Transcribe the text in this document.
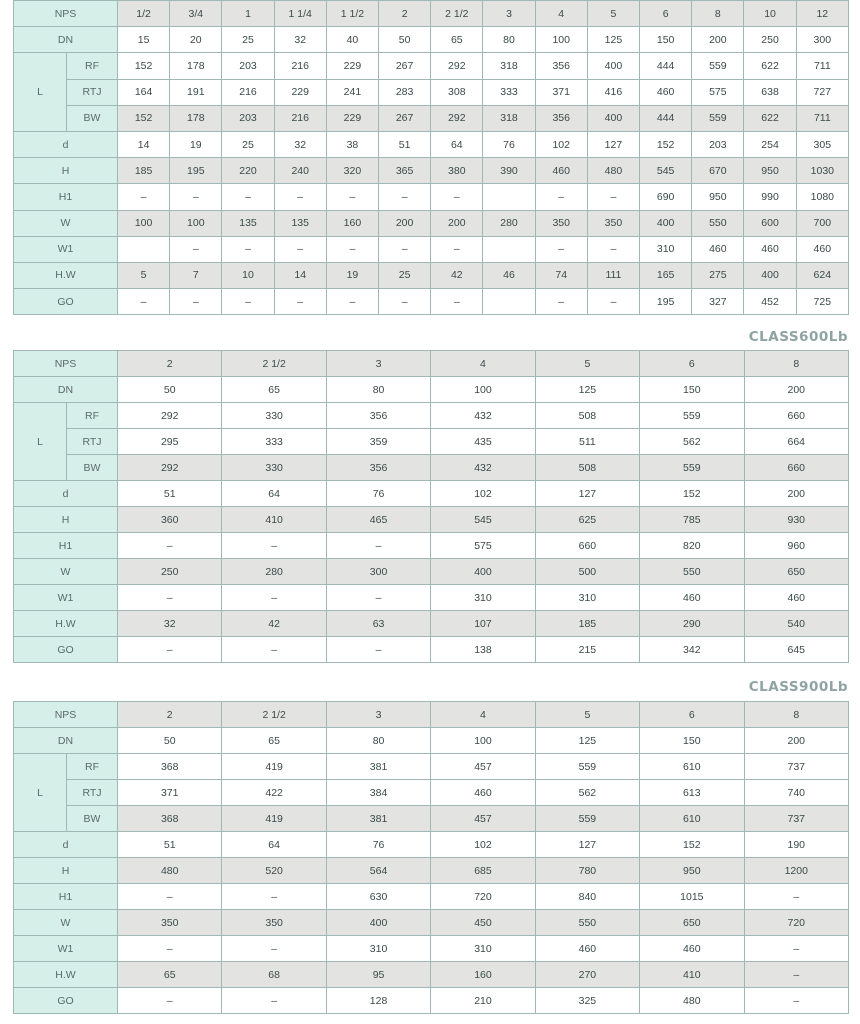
NPS		1/2	3/4	1	1 1/4	1 1/2	2	2 1/2	3	4	5	6	8	10	12
DN		15	20	25	32	40	50	65	80	100	125	150	200	250	300
L	RF	152	178	203	216	229	267	292	318	356	400	444	559	622	711
	RTJ	164	191	216	229	241	283	308	333	371	416	460	575	638	727
	BW	152	178	203	216	229	267	292	318	356	400	444	559	622	711
d		14	19	25	32	38	51	64	76	102	127	152	203	254	305
H		185	195	220	240	320	365	380	390	460	480	545	670	950	1030
H1		–	–	–	–	–	–	–		–	–	690	950	990	1080
W		100	100	135	135	160	200	200	280	350	350	400	550	600	700
W1			–	–	–	–	–	–		–	–	310	460	460	460
H.W		5	7	10	14	19	25	42	46	74	111	165	275	400	624
GO		–	–	–	–	–	–	–		–	–	195	327	452	725
CLASS600Lb
NPS		2	2 1/2	3	4	5	6	8
DN		50	65	80	100	125	150	200
L	RF	292	330	356	432	508	559	660
	RTJ	295	333	359	435	511	562	664
	BW	292	330	356	432	508	559	660
d		51	64	76	102	127	152	200
H		360	410	465	545	625	785	930
H1		–	–	–	575	660	820	960
W		250	280	300	400	500	550	650
W1		–	–	–	310	310	460	460
H.W		32	42	63	107	185	290	540
GO		–	–	–	138	215	342	645
CLASS900Lb
NPS		2	2 1/2	3	4	5	6	8
DN		50	65	80	100	125	150	200
L	RF	368	419	381	457	559	610	737
	RTJ	371	422	384	460	562	613	740
	BW	368	419	381	457	559	610	737
d		51	64	76	102	127	152	190
H		480	520	564	685	780	950	1200
H1		–	–	630	720	840	1015	–
W		350	350	400	450	550	650	720
W1		–	–	310	310	460	460	–
H.W		65	68	95	160	270	410	–
GO		–	–	128	210	325	480	–
